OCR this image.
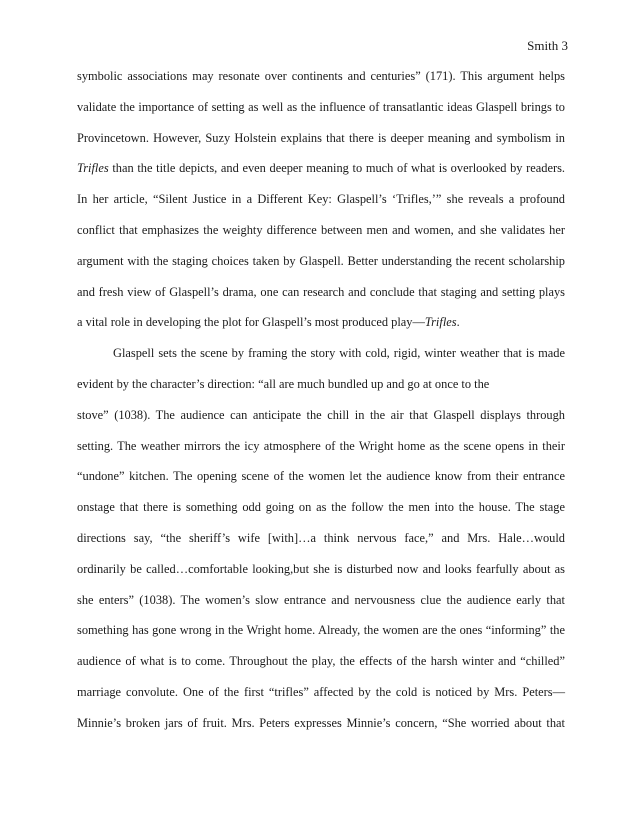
Smith 3
symbolic associations may resonate over continents and centuries” (171). This argument helps
validate the importance of setting as well as the influence of transatlantic ideas Glaspell brings to
Provincetown. However, Suzy Holstein explains that there is deeper meaning and symbolism in
Trifles than the title depicts, and even deeper meaning to much of what is overlooked by readers.
In her article, “Silent Justice in a Different Key: Glaspell’s ‘Trifles,’” she reveals a profound
conflict that emphasizes the weighty difference between men and women, and she validates her
argument with the staging choices taken by Glaspell. Better understanding the recent scholarship
and fresh view of Glaspell’s drama, one can research and conclude that staging and setting plays
a vital role in developing the plot for Glaspell’s most produced play—Trifles.
Glaspell sets the scene by framing the story with cold, rigid, winter weather that is made
evident by the character’s direction: “all are much bundled up and go at once to the
stove” (1038). The audience can anticipate the chill in the air that Glaspell displays through
setting. The weather mirrors the icy atmosphere of the Wright home as the scene opens in their
“undone” kitchen. The opening scene of the women let the audience know from their entrance
onstage that there is something odd going on as the follow the men into the house. The stage
directions say, “the sheriff’s wife [with]…a think nervous face,” and Mrs. Hale…would
ordinarily be called…comfortable looking,but she is disturbed now and looks fearfully about as
she enters” (1038). The women’s slow entrance and nervousness clue the audience early that
something has gone wrong in the Wright home. Already, the women are the ones “informing” the
audience of what is to come. Throughout the play, the effects of the harsh winter and “chilled”
marriage convolute. One of the first “trifles” affected by the cold is noticed by Mrs. Peters—
Minnie’s broken jars of fruit. Mrs. Peters expresses Minnie’s concern, “She worried about that
